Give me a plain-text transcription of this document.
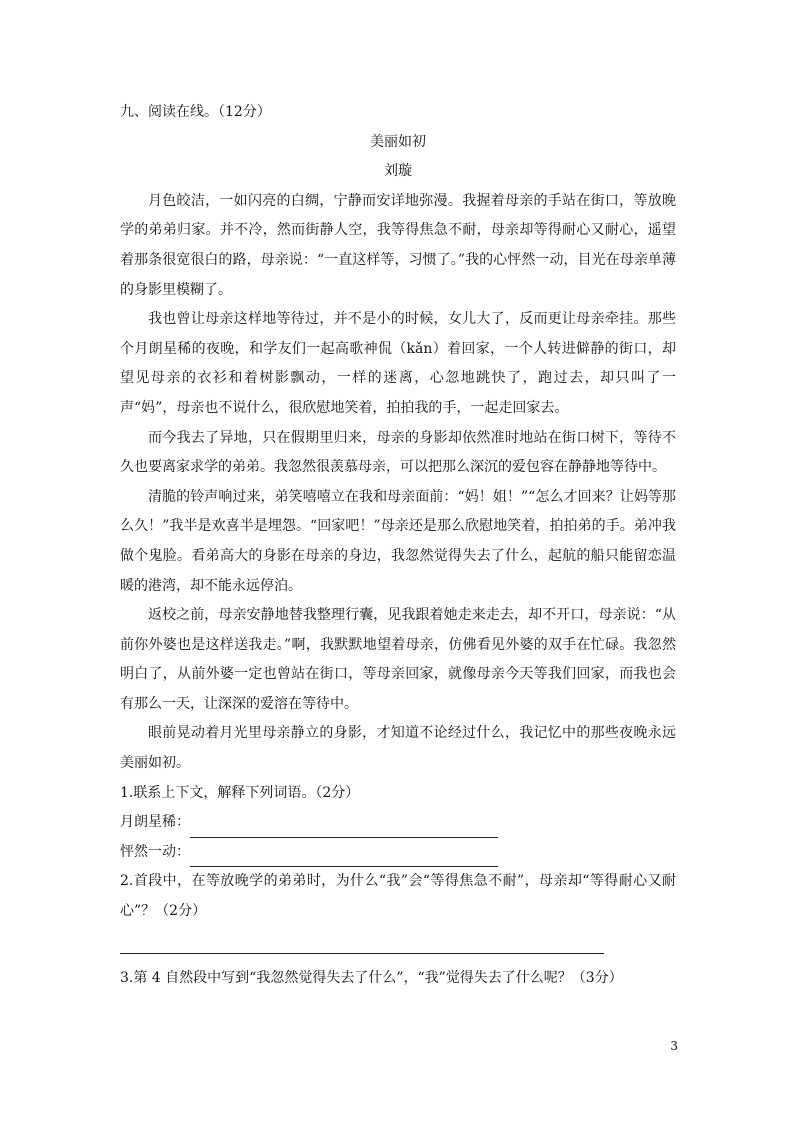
九、阅读在线。（12分）
美丽如初
刘璇
月色皎洁，一如闪亮的白绸，宁静而安详地弥漫。我握着母亲的手站在街口，等放晚学的弟弟归家。并不冷，然而街静人空，我等得焦急不耐，母亲却等得耐心又耐心，遥望着那条很宽很白的路，母亲说：“一直这样等，习惯了。”我的心怦然一动，目光在母亲单薄的身影里模糊了。
我也曾让母亲这样地等待过，并不是小的时候，女儿大了，反而更让母亲牵挂。那些个月朗星稀的夜晚，和学友们一起高歌神侃（kǎn）着回家，一个人转进僻静的街口，却望见母亲的衣衫和着树影飘动，一样的迷离，心忽地跳快了，跑过去，却只叫了一声“妈”，母亲也不说什么，很欣慰地笑着，拍拍我的手，一起走回家去。
而今我去了异地，只在假期里归来，母亲的身影却依然准时地站在街口树下，等待不久也要离家求学的弟弟。我忽然很羡慕母亲，可以把那么深沉的爱包容在静静地等待中。
清脆的铃声响过来，弟笑嘻嘻立在我和母亲面前：“妈！姐！”“怎么才回来？让妈等那么久！”我半是欢喜半是埋怨。“回家吧！”母亲还是那么欣慰地笑着，拍拍弟的手。弟冲我做个鬼脸。看弟高大的身影在母亲的身边，我忽然觉得失去了什么，起航的船只能留恋温暖的港湾，却不能永远停泊。
返校之前，母亲安静地替我整理行囊，见我跟着她走来走去，却不开口，母亲说：“从前你外婆也是这样送我走。”啊，我默默地望着母亲，仿佛看见外婆的双手在忙碌。我忽然明白了，从前外婆一定也曾站在街口，等母亲回家，就像母亲今天等我们回家，而我也会有那么一天，让深深的爱溶在等待中。
眼前晃动着月光里母亲静立的身影，才知道不论经过什么，我记忆中的那些夜晚永远美丽如初。
1.联系上下文，解释下列词语。（2分）
月朗星稀：
怦然一动：
2.首段中，在等放晚学的弟弟时，为什么“我”会“等得焦急不耐”，母亲却“等得耐心又耐心”？（2分）
3.第 4 自然段中写到“我忽然觉得失去了什么”，“我”觉得失去了什么呢？（3分）
3
